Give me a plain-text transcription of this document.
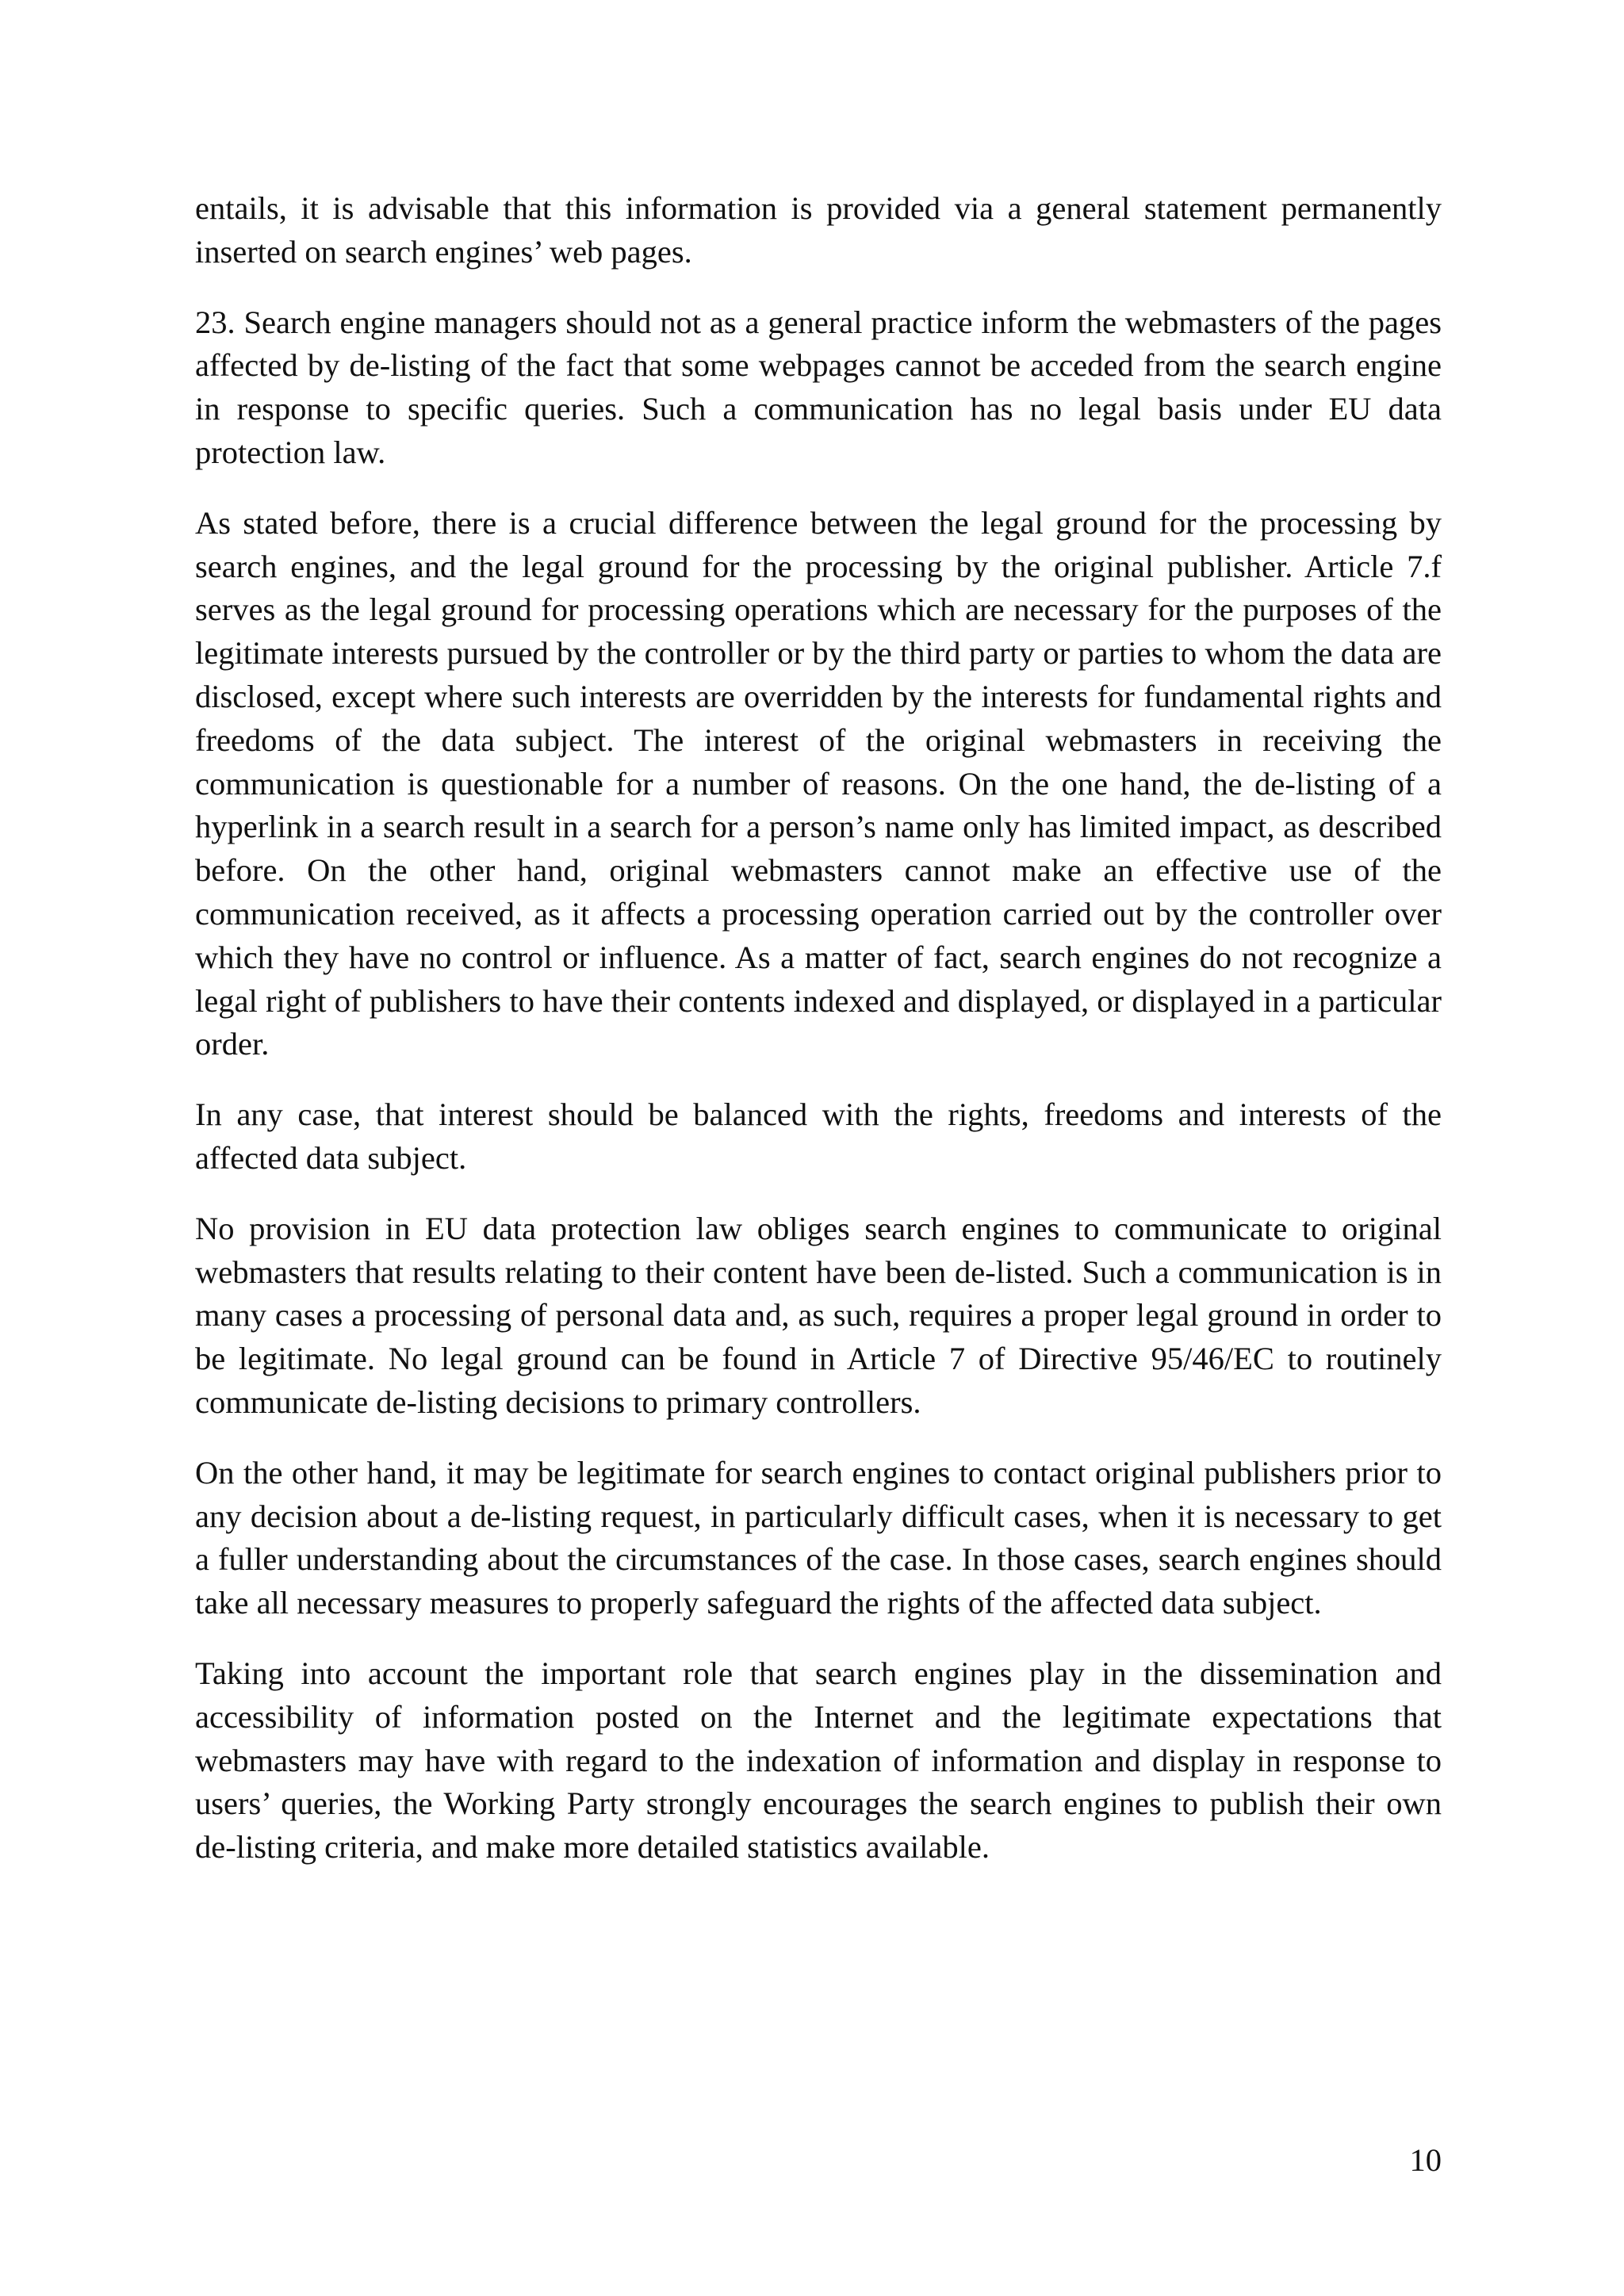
entails, it is advisable that this information is provided via a general statement permanently inserted on search engines’ web pages.

23. Search engine managers should not as a general practice inform the webmasters of the pages affected by de-listing of the fact that some webpages cannot be acceded from the search engine in response to specific queries. Such a communication has no legal basis under EU data protection law.

As stated before, there is a crucial difference between the legal ground for the processing by search engines, and the legal ground for the processing by the original publisher. Article 7.f serves as the legal ground for processing operations which are necessary for the purposes of the legitimate interests pursued by the controller or by the third party or parties to whom the data are disclosed, except where such interests are overridden by the interests for fundamental rights and freedoms of the data subject. The interest of the original webmasters in receiving the communication is questionable for a number of reasons. On the one hand, the de-listing of a hyperlink in a search result in a search for a person’s name only has limited impact, as described before. On the other hand, original webmasters cannot make an effective use of the communication received, as it affects a processing operation carried out by the controller over which they have no control or influence. As a matter of fact, search engines do not recognize a legal right of publishers to have their contents indexed and displayed, or displayed in a particular order.

In any case, that interest should be balanced with the rights, freedoms and interests of the affected data subject.

No provision in EU data protection law obliges search engines to communicate to original webmasters that results relating to their content have been de-listed. Such a communication is in many cases a processing of personal data and, as such, requires a proper legal ground in order to be legitimate. No legal ground can be found in Article 7 of Directive 95/46/EC to routinely communicate de-listing decisions to primary controllers.

On the other hand, it may be legitimate for search engines to contact original publishers prior to any decision about a de-listing request, in particularly difficult cases, when it is necessary to get a fuller understanding about the circumstances of the case. In those cases, search engines should take all necessary measures to properly safeguard the rights of the affected data subject.

Taking into account the important role that search engines play in the dissemination and accessibility of information posted on the Internet and the legitimate expectations that webmasters may have with regard to the indexation of information and display in response to users’ queries, the Working Party strongly encourages the search engines to publish their own de-listing criteria, and make more detailed statistics available.

10
